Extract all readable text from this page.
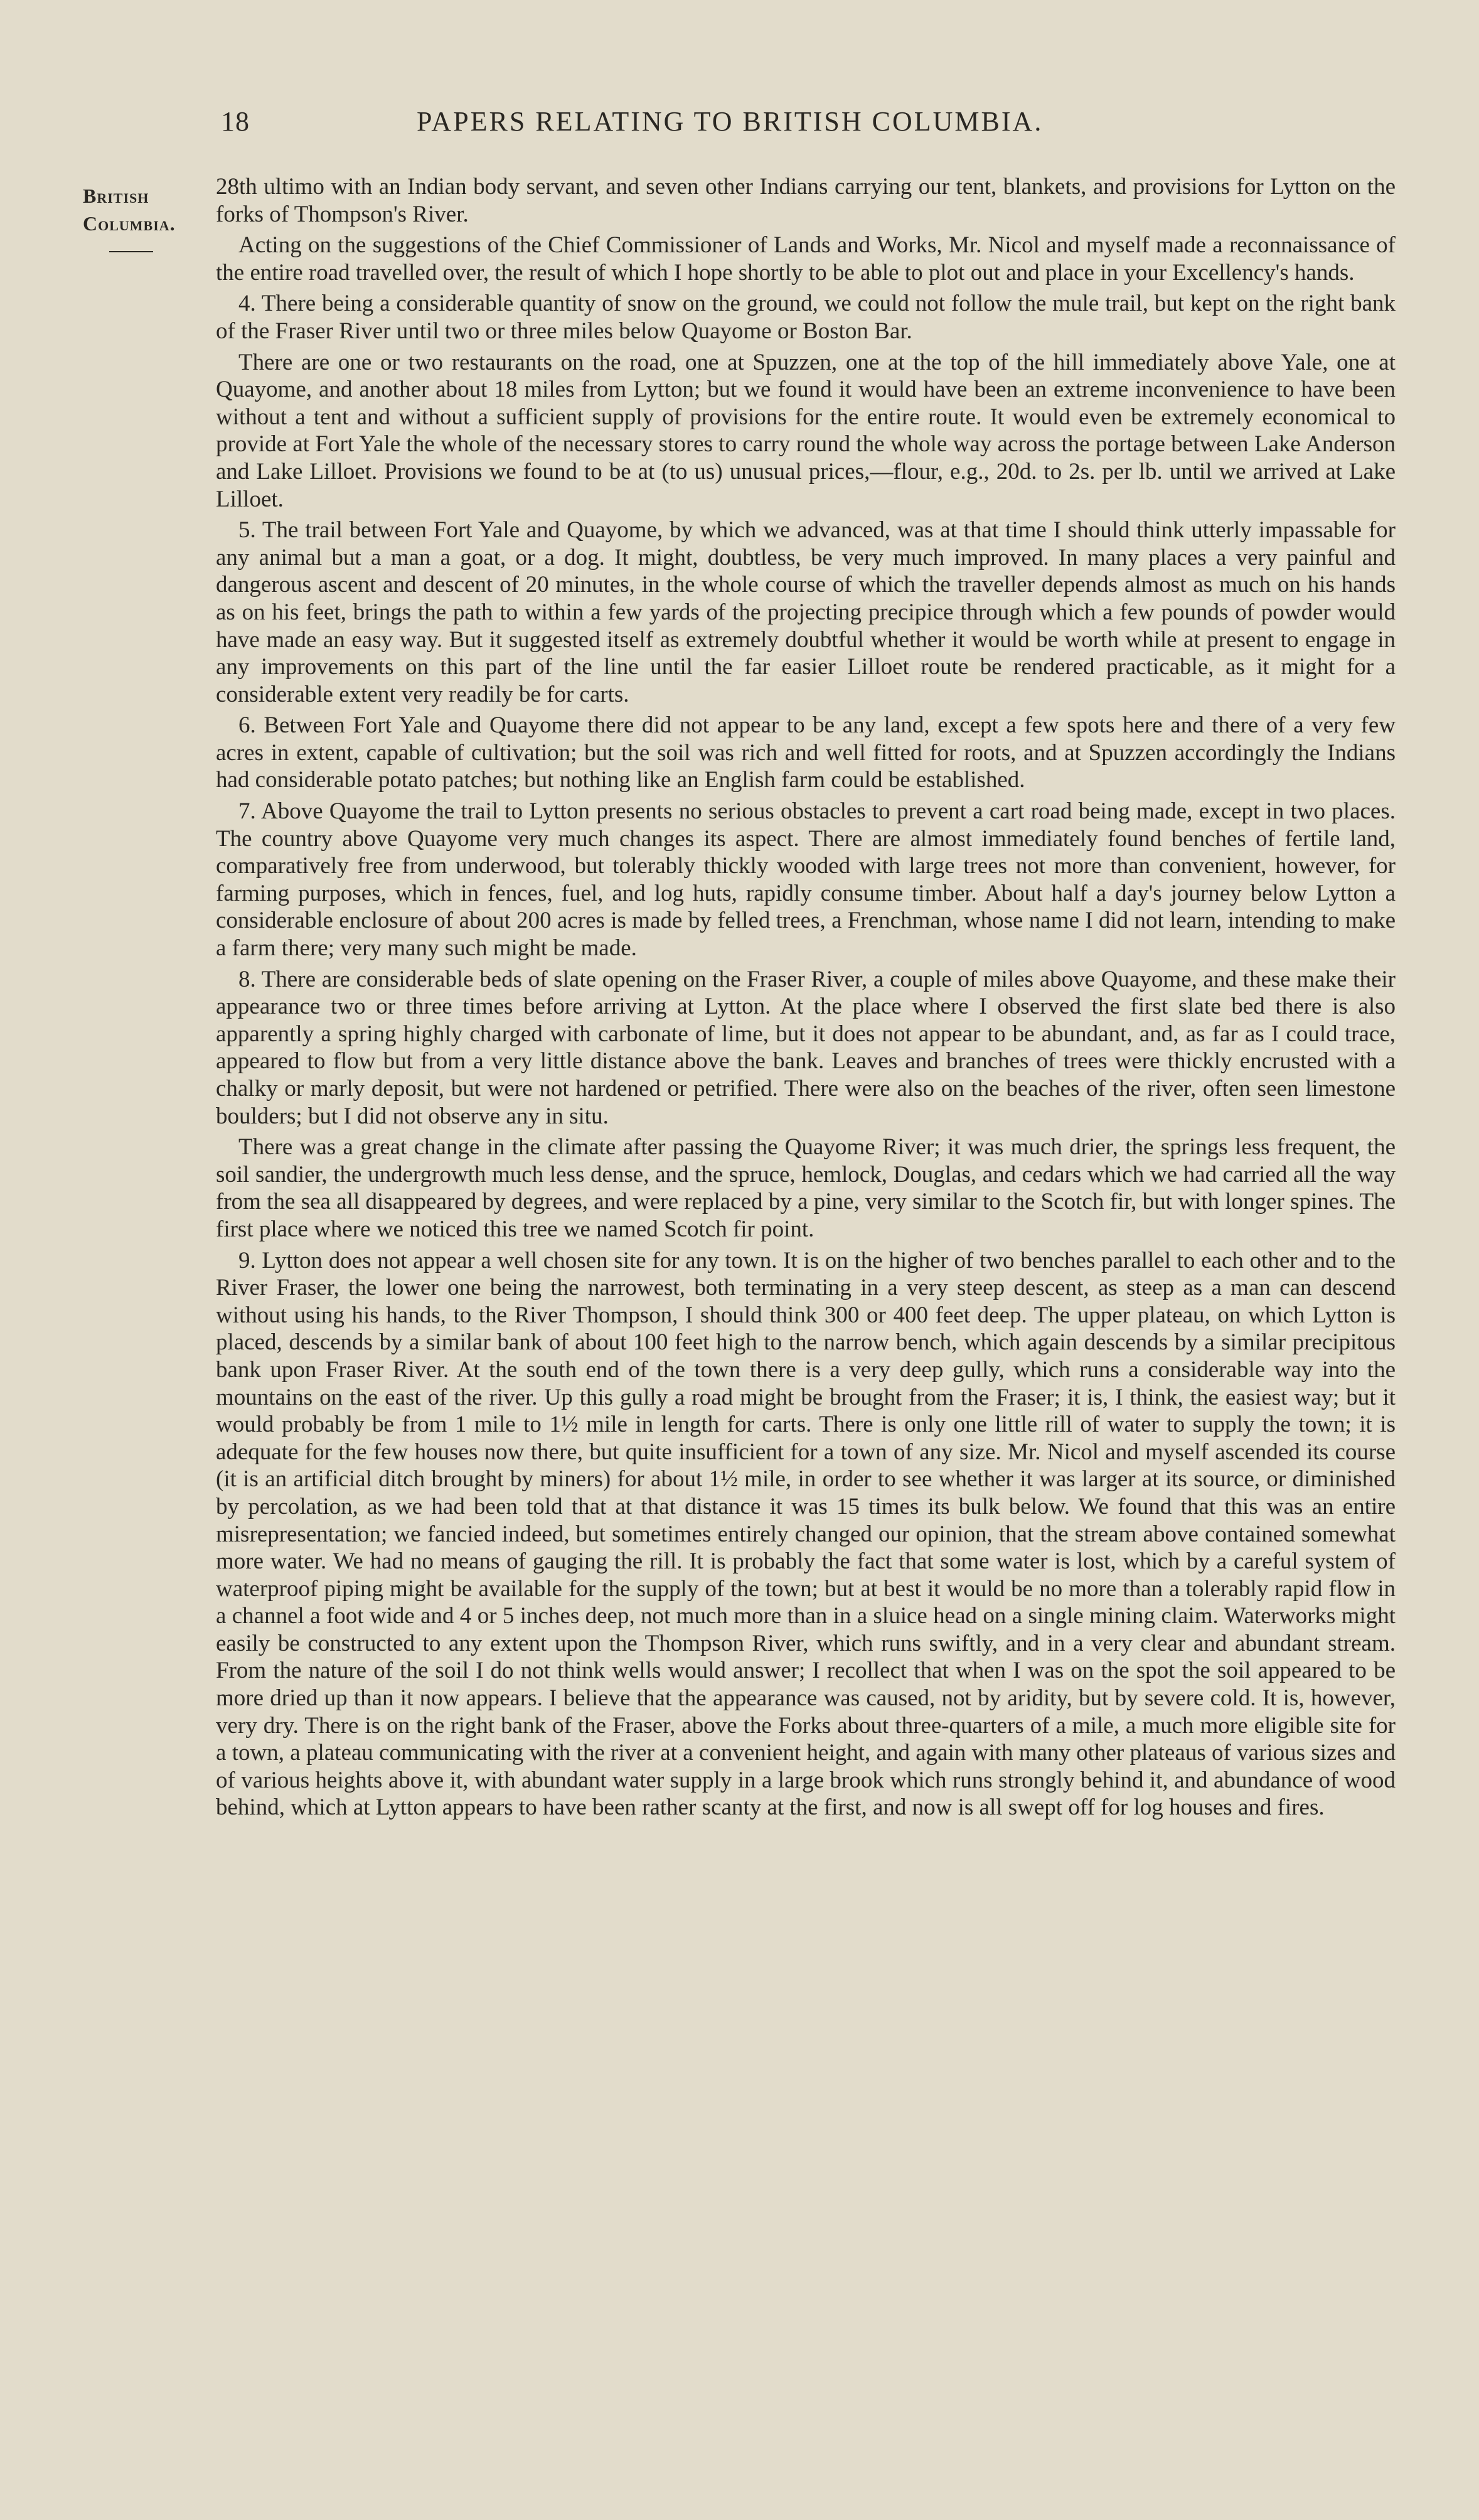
18	PAPERS RELATING TO BRITISH COLUMBIA.
British
Columbia.

28th ultimo with an Indian body servant, and seven other Indians carrying our tent, blankets, and provisions for Lytton on the forks of Thompson's River.

Acting on the suggestions of the Chief Commissioner of Lands and Works, Mr. Nicol and myself made a reconnaissance of the entire road travelled over, the result of which I hope shortly to be able to plot out and place in your Excellency's hands.

4. There being a considerable quantity of snow on the ground, we could not follow the mule trail, but kept on the right bank of the Fraser River until two or three miles below Quayome or Boston Bar.

There are one or two restaurants on the road, one at Spuzzen, one at the top of the hill immediately above Yale, one at Quayome, and another about 18 miles from Lytton; but we found it would have been an extreme inconvenience to have been without a tent and without a sufficient supply of provisions for the entire route. It would even be extremely economical to provide at Fort Yale the whole of the necessary stores to carry round the whole way across the portage between Lake Anderson and Lake Lilloet. Provisions we found to be at (to us) unusual prices,—flour, e.g., 20d. to 2s. per lb. until we arrived at Lake Lilloet.

5. The trail between Fort Yale and Quayome, by which we advanced, was at that time I should think utterly impassable for any animal but a man a goat, or a dog. It might, doubtless, be very much improved. In many places a very painful and dangerous ascent and descent of 20 minutes, in the whole course of which the traveller depends almost as much on his hands as on his feet, brings the path to within a few yards of the projecting precipice through which a few pounds of powder would have made an easy way. But it suggested itself as extremely doubtful whether it would be worth while at present to engage in any improvements on this part of the line until the far easier Lilloet route be rendered practicable, as it might for a considerable extent very readily be for carts.

6. Between Fort Yale and Quayome there did not appear to be any land, except a few spots here and there of a very few acres in extent, capable of cultivation; but the soil was rich and well fitted for roots, and at Spuzzen accordingly the Indians had considerable potato patches; but nothing like an English farm could be established.

7. Above Quayome the trail to Lytton presents no serious obstacles to prevent a cart road being made, except in two places. The country above Quayome very much changes its aspect. There are almost immediately found benches of fertile land, comparatively free from underwood, but tolerably thickly wooded with large trees not more than convenient, however, for farming purposes, which in fences, fuel, and log huts, rapidly consume timber. About half a day's journey below Lytton a considerable enclosure of about 200 acres is made by felled trees, a Frenchman, whose name I did not learn, intending to make a farm there; very many such might be made.

8. There are considerable beds of slate opening on the Fraser River, a couple of miles above Quayome, and these make their appearance two or three times before arriving at Lytton. At the place where I observed the first slate bed there is also apparently a spring highly charged with carbonate of lime, but it does not appear to be abundant, and, as far as I could trace, appeared to flow but from a very little distance above the bank. Leaves and branches of trees were thickly encrusted with a chalky or marly deposit, but were not hardened or petrified. There were also on the beaches of the river, often seen limestone boulders; but I did not observe any in situ.

There was a great change in the climate after passing the Quayome River; it was much drier, the springs less frequent, the soil sandier, the undergrowth much less dense, and the spruce, hemlock, Douglas, and cedars which we had carried all the way from the sea all disappeared by degrees, and were replaced by a pine, very similar to the Scotch fir, but with longer spines. The first place where we noticed this tree we named Scotch fir point.

9. Lytton does not appear a well chosen site for any town. It is on the higher of two benches parallel to each other and to the River Fraser, the lower one being the narrowest, both terminating in a very steep descent, as steep as a man can descend without using his hands, to the River Thompson, I should think 300 or 400 feet deep. The upper plateau, on which Lytton is placed, descends by a similar bank of about 100 feet high to the narrow bench, which again descends by a similar precipitous bank upon Fraser River. At the south end of the town there is a very deep gully, which runs a considerable way into the mountains on the east of the river. Up this gully a road might be brought from the Fraser; it is, I think, the easiest way; but it would probably be from 1 mile to 1½ mile in length for carts. There is only one little rill of water to supply the town; it is adequate for the few houses now there, but quite insufficient for a town of any size. Mr. Nicol and myself ascended its course (it is an artificial ditch brought by miners) for about 1½ mile, in order to see whether it was larger at its source, or diminished by percolation, as we had been told that at that distance it was 15 times its bulk below. We found that this was an entire misrepresentation; we fancied indeed, but sometimes entirely changed our opinion, that the stream above contained somewhat more water. We had no means of gauging the rill. It is probably the fact that some water is lost, which by a careful system of waterproof piping might be available for the supply of the town; but at best it would be no more than a tolerably rapid flow in a channel a foot wide and 4 or 5 inches deep, not much more than in a sluice head on a single mining claim. Waterworks might easily be constructed to any extent upon the Thompson River, which runs swiftly, and in a very clear and abundant stream. From the nature of the soil I do not think wells would answer; I recollect that when I was on the spot the soil appeared to be more dried up than it now appears. I believe that the appearance was caused, not by aridity, but by severe cold. It is, however, very dry. There is on the right bank of the Fraser, above the Forks about three-quarters of a mile, a much more eligible site for a town, a plateau communicating with the river at a convenient height, and again with many other plateaus of various sizes and of various heights above it, with abundant water supply in a large brook which runs strongly behind it, and abundance of wood behind, which at Lytton appears to have been rather scanty at the first, and now is all swept off for log houses and fires.
